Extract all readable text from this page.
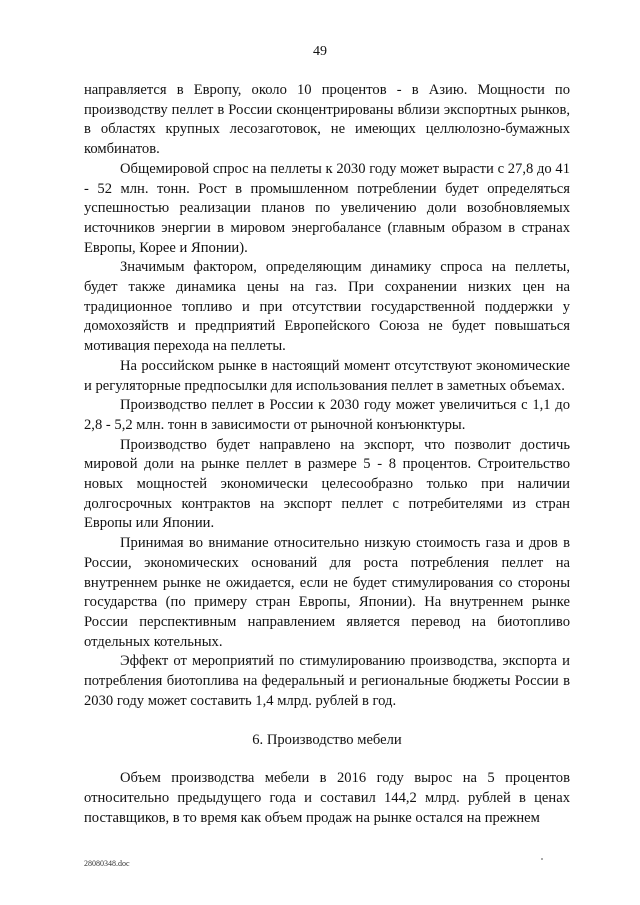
49

направляется в Европу, около 10 процентов - в Азию. Мощности по производству пеллет в России сконцентрированы вблизи экспортных рынков, в областях крупных лесозаготовок, не имеющих целлюлозно-бумажных комбинатов.

Общемировой спрос на пеллеты к 2030 году может вырасти с 27,8 до 41 - 52 млн. тонн. Рост в промышленном потреблении будет определяться успешностью реализации планов по увеличению доли возобновляемых источников энергии в мировом энергобалансе (главным образом в странах Европы, Корее и Японии).

Значимым фактором, определяющим динамику спроса на пеллеты, будет также динамика цены на газ. При сохранении низких цен на традиционное топливо и при отсутствии государственной поддержки у домохозяйств и предприятий Европейского Союза не будет повышаться мотивация перехода на пеллеты.

На российском рынке в настоящий момент отсутствуют экономические и регуляторные предпосылки для использования пеллет в заметных объемах.

Производство пеллет в России к 2030 году может увеличиться с 1,1 до 2,8 - 5,2 млн. тонн в зависимости от рыночной конъюнктуры.

Производство будет направлено на экспорт, что позволит достичь мировой доли на рынке пеллет в размере 5 - 8 процентов. Строительство новых мощностей экономически целесообразно только при наличии долгосрочных контрактов на экспорт пеллет с потребителями из стран Европы или Японии.

Принимая во внимание относительно низкую стоимость газа и дров в России, экономических оснований для роста потребления пеллет на внутреннем рынке не ожидается, если не будет стимулирования со стороны государства (по примеру стран Европы, Японии). На внутреннем рынке России перспективным направлением является перевод на биотопливо отдельных котельных.

Эффект от мероприятий по стимулированию производства, экспорта и потребления биотоплива на федеральный и региональные бюджеты России в 2030 году может составить 1,4 млрд. рублей в год.

6. Производство мебели

Объем производства мебели в 2016 году вырос на 5 процентов относительно предыдущего года и составил 144,2 млрд. рублей в ценах поставщиков, в то время как объем продаж на рынке остался на прежнем

28080348.doc
